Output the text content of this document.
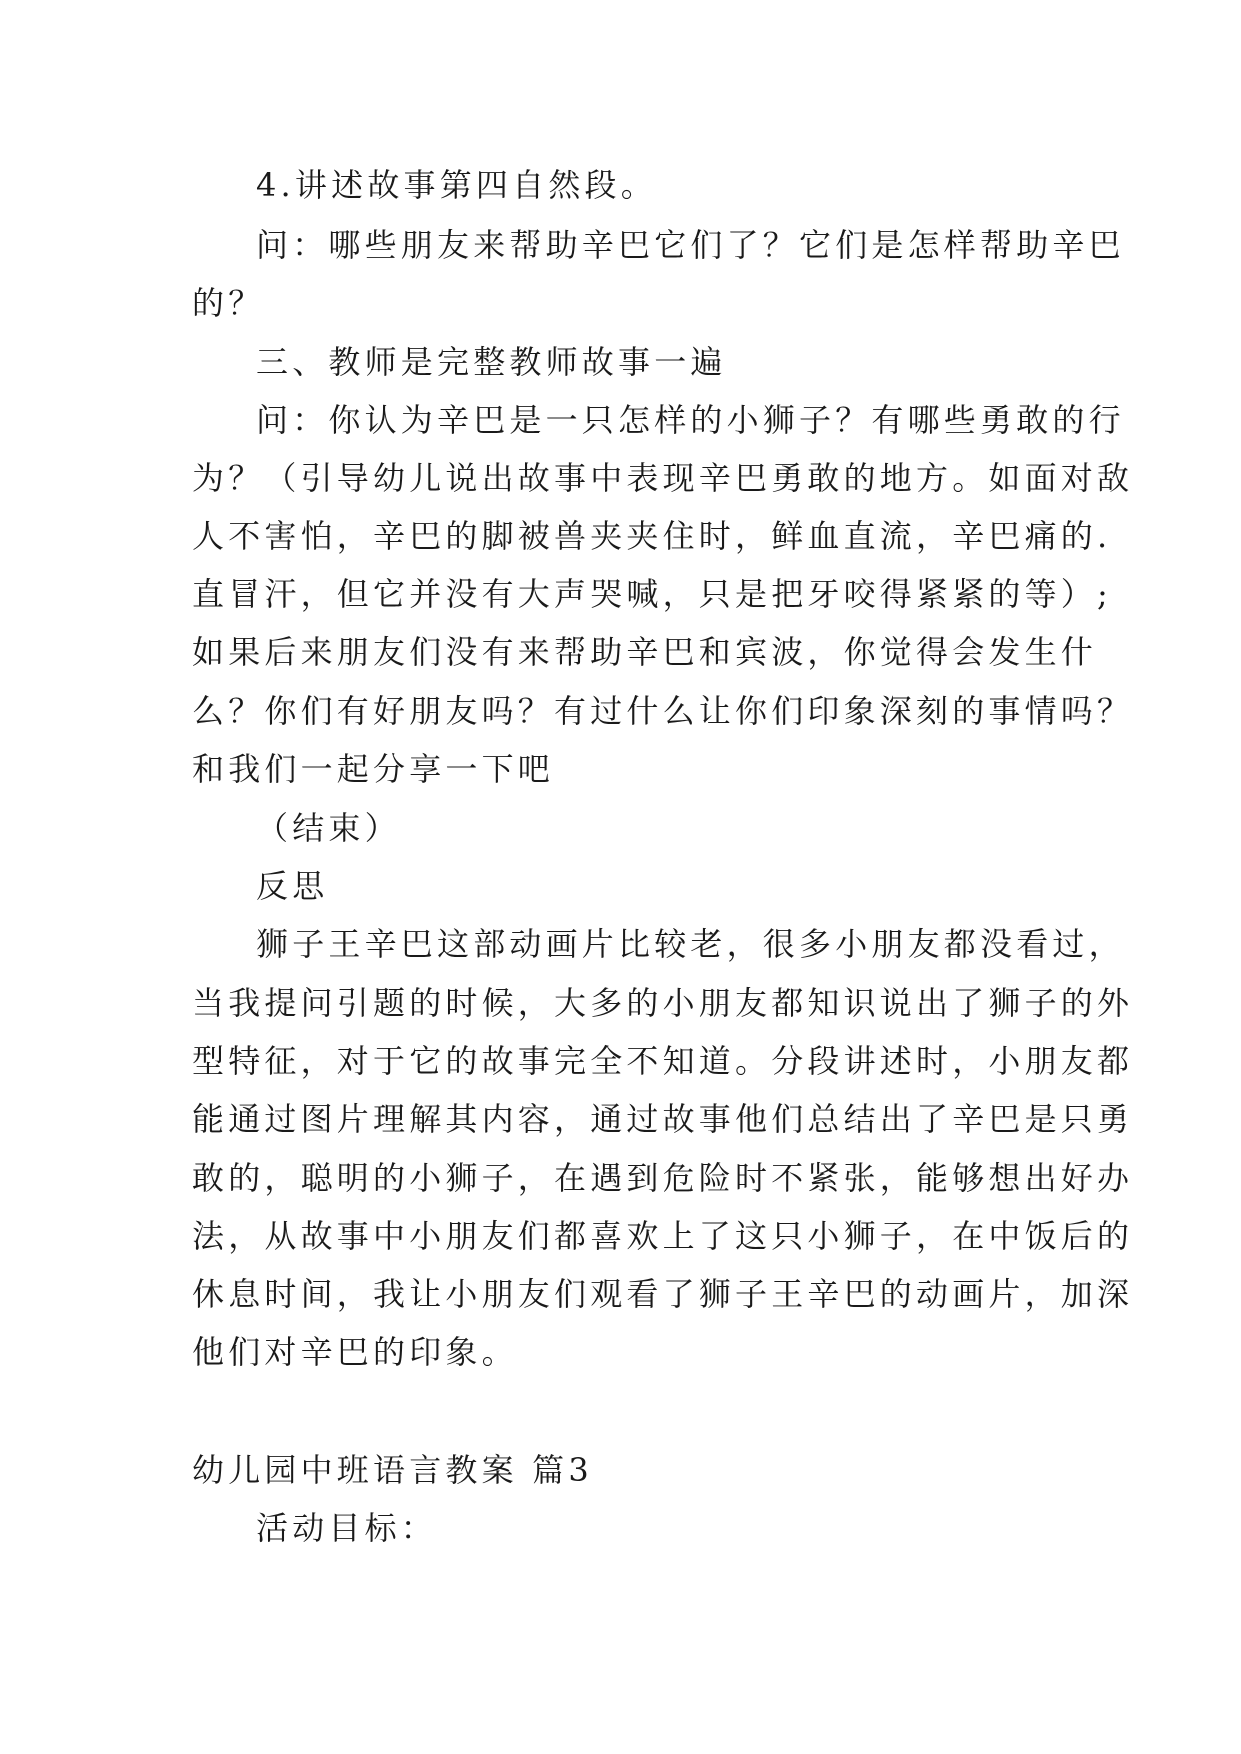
4.讲述故事第四自然段。
问：哪些朋友来帮助辛巴它们了？它们是怎样帮助辛巴
的？
三、教师是完整教师故事一遍
问：你认为辛巴是一只怎样的小狮子？有哪些勇敢的行
为？（引导幼儿说出故事中表现辛巴勇敢的地方。如面对敌
人不害怕，辛巴的脚被兽夹夹住时，鲜血直流，辛巴痛的.
直冒汗，但它并没有大声哭喊，只是把牙咬得紧紧的等）;
如果后来朋友们没有来帮助辛巴和宾波，你觉得会发生什
么？你们有好朋友吗？有过什么让你们印象深刻的事情吗？
和我们一起分享一下吧
（结束）
反思
狮子王辛巴这部动画片比较老，很多小朋友都没看过，
当我提问引题的时候，大多的小朋友都知识说出了狮子的外
型特征，对于它的故事完全不知道。分段讲述时，小朋友都
能通过图片理解其内容，通过故事他们总结出了辛巴是只勇
敢的，聪明的小狮子，在遇到危险时不紧张，能够想出好办
法，从故事中小朋友们都喜欢上了这只小狮子，在中饭后的
休息时间，我让小朋友们观看了狮子王辛巴的动画片，加深
他们对辛巴的印象。
幼儿园中班语言教案 篇3
活动目标：
